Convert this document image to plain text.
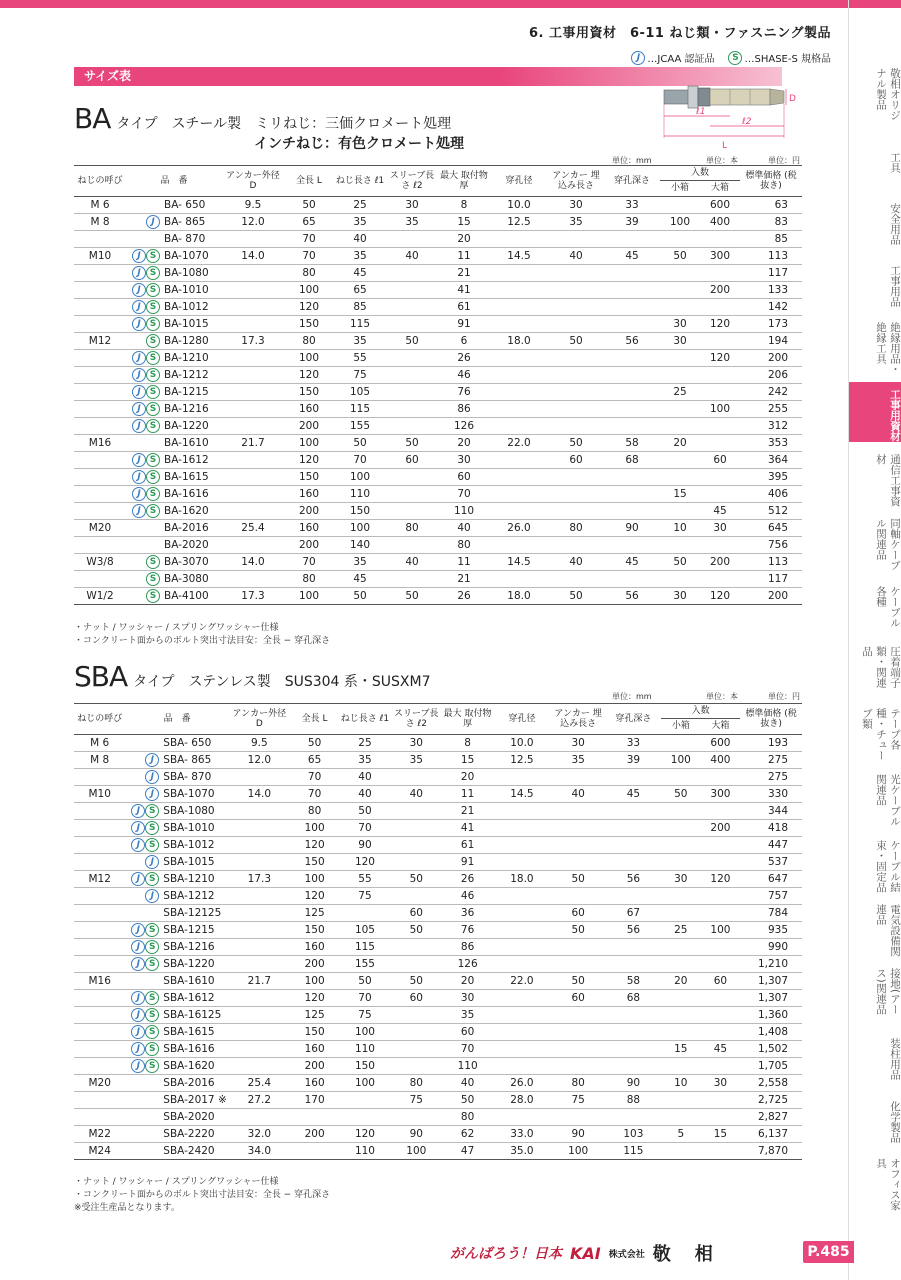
6. 工事用資材　6-11 ねじ類・ファスニング製品
J …JCAA 認証品	S …SHASE-S 規格品
サイズ表
BA タイプ　スチール製　ミリねじ：三価クロメート処理
インチねじ：有色クロメート処理
D
ℓ1
ℓ2
L
単位：mm	単位：本	単位：円
ねじの呼び	品　番		アンカー外径 D	全長 L	ねじ長さ ℓ1	スリーブ長さ ℓ2	最大 取付物厚	穿孔径	アンカー 埋込み長さ	穿孔深さ	入数		標準価格 (税抜き)
											小箱	大箱	
M 6		BA- 650	9.5	50	25	30	8	10.0	30	33		600	63
M 8	J	BA- 865	12.0	65	35	35	15	12.5	35	39	100	400	83
		BA- 870		70	40		20						85
M10	J S	BA-1070	14.0	70	35	40	11	14.5	40	45	50	300	113
	J S	BA-1080		80	45		21						117
	J S	BA-1010		100	65		41					200	133
	J S	BA-1012		120	85		61						142
	J S	BA-1015		150	115		91				30	120	173
M12	S	BA-1280	17.3	80	35	50	6	18.0	50	56	30		194
	J S	BA-1210		100	55		26					120	200
	J S	BA-1212		120	75		46						206
	J S	BA-1215		150	105		76				25		242
	J S	BA-1216		160	115		86					100	255
	J S	BA-1220		200	155		126						312
M16		BA-1610	21.7	100	50	50	20	22.0	50	58	20		353
	J S	BA-1612		120	70	60	30		60	68		60	364
	J S	BA-1615		150	100		60						395
	J S	BA-1616		160	110		70				15		406
	J S	BA-1620		200	150		110					45	512
M20		BA-2016	25.4	160	100	80	40	26.0	80	90	10	30	645
		BA-2020		200	140		80						756
W3/8	S	BA-3070	14.0	70	35	40	11	14.5	40	45	50	200	113
	S	BA-3080		80	45		21						117
W1/2	S	BA-4100	17.3	100	50	50	26	18.0	50	56	30	120	200
・ナット / ワッシャー / スプリングワッシャー仕様
・コンクリート面からのボルト突出寸法目安：全長 − 穿孔深さ
SBA タイプ　ステンレス製　SUS304 系・SUSXM7
単位：mm	単位：本	単位：円
ねじの呼び	品　番		アンカー外径 D	全長 L	ねじ長さ ℓ1	スリーブ長さ ℓ2	最大 取付物厚	穿孔径	アンカー 埋込み長さ	穿孔深さ	入数		標準価格 (税抜き)
											小箱	大箱	
M 6		SBA- 650	9.5	50	25	30	8	10.0	30	33		600	193
M 8	J	SBA- 865	12.0	65	35	35	15	12.5	35	39	100	400	275
	J	SBA- 870		70	40		20						275
M10	J	SBA-1070	14.0	70	40	40	11	14.5	40	45	50	300	330
	J S	SBA-1080		80	50		21						344
	J S	SBA-1010		100	70		41					200	418
	J S	SBA-1012		120	90		61						447
	J	SBA-1015		150	120		91						537
M12	J S	SBA-1210	17.3	100	55	50	26	18.0	50	56	30	120	647
	J	SBA-1212		120	75		46						757
		SBA-12125		125		60	36		60	67			784
	J S	SBA-1215		150	105	50	76		50	56	25	100	935
	J S	SBA-1216		160	115		86						990
	J S	SBA-1220		200	155		126						1,210
M16		SBA-1610	21.7	100	50	50	20	22.0	50	58	20	60	1,307
	J S	SBA-1612		120	70	60	30		60	68			1,307
	J S	SBA-16125		125	75		35						1,360
	J S	SBA-1615		150	100		60						1,408
	J S	SBA-1616		160	110		70				15	45	1,502
	J S	SBA-1620		200	150		110						1,705
M20		SBA-2016	25.4	160	100	80	40	26.0	80	90	10	30	2,558
		SBA-2017 ※	27.2	170		75	50	28.0	75	88			2,725
		SBA-2020					80						2,827
M22		SBA-2220	32.0	200	120	90	62	33.0	90	103	5	15	6,137
M24		SBA-2420	34.0		110	100	47	35.0	100	115			7,870
・ナット / ワッシャー / スプリングワッシャー仕様
・コンクリート面からのボルト突出寸法目安：全長 − 穿孔深さ
※受注生産品となります。
敬相オリジナル製品
工具
安全用品
工事用品
絶縁用品・絶縁工具
工事用資材
通信工事資材
同軸ケーブル関連品
ケーブル各種
圧着端子類・関連品
テープ各種・チューブ類
光ケーブル関連品
ケーブル結束・固定品
電気設備関連品
接地(アース)関連品
装柱用品
化学製品
オフィス家具
がんばろう！日本 KAI 株式会社 敬相	P.485
